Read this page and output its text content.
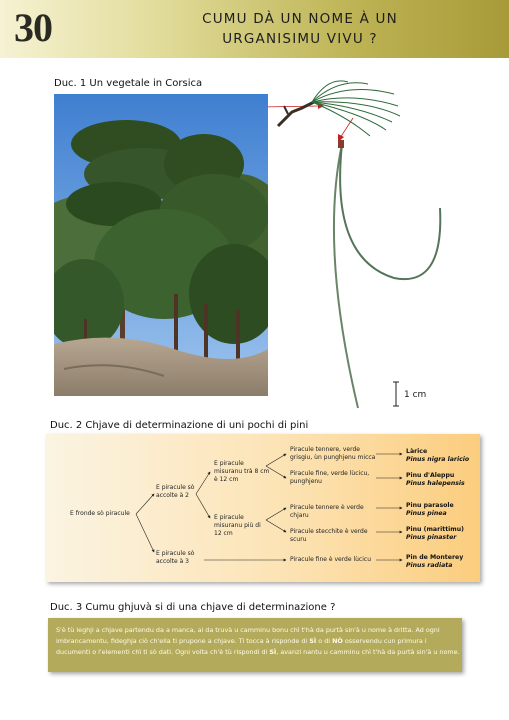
30	CUMU DÀ UN NOME À UN
URGANISIMU VIVU ?
Duc. 1 Un vegetale in Corsica
1 cm
Duc. 2 Chjave di determinazione di uni pochi di pini
E fronde sò piracule
E piracule sò accolte à 2
E piracule sò accolte à 3
E piracule misuranu trà 8 cm è 12 cm
E piracule misuranu più di 12 cm
Piracule tennere, verde grisgiu, ùn punghjenu micca
Piracule fine, verde lùcicu, punghjenu
Piracule tennere è verde chjaru
Piracule stecchite è verde scuru
Piracule fine è verde lùcicu
Làrice
Pinus nigra laricio
Pinu d'Aleppu
Pinus halepensis
Pinu parasole
Pinus pinea
Pinu (marittimu)
Pinus pinaster
Pin de Monterey
Pinus radiata
Duc. 3 Cumu ghjuvà si di una chjave di determinazione ?
S'è tù leghji a chjave partendu da a manca, ai da truvà u camminu bonu chì t'hà da purtà sin'à u nome à dritta. Ad ogni imbrancamentu, fideghja ciò ch'ella ti prupone a chjave. Ti tocca à risponde di SÌ o di NÒ osservendu cun primura i ducumenti o l'elementi chì ti sò dati. Ogni volta ch'è tù rispondi di SÌ, avanzi nantu u camminu chì t'hà da purtà sin'à u nome.
